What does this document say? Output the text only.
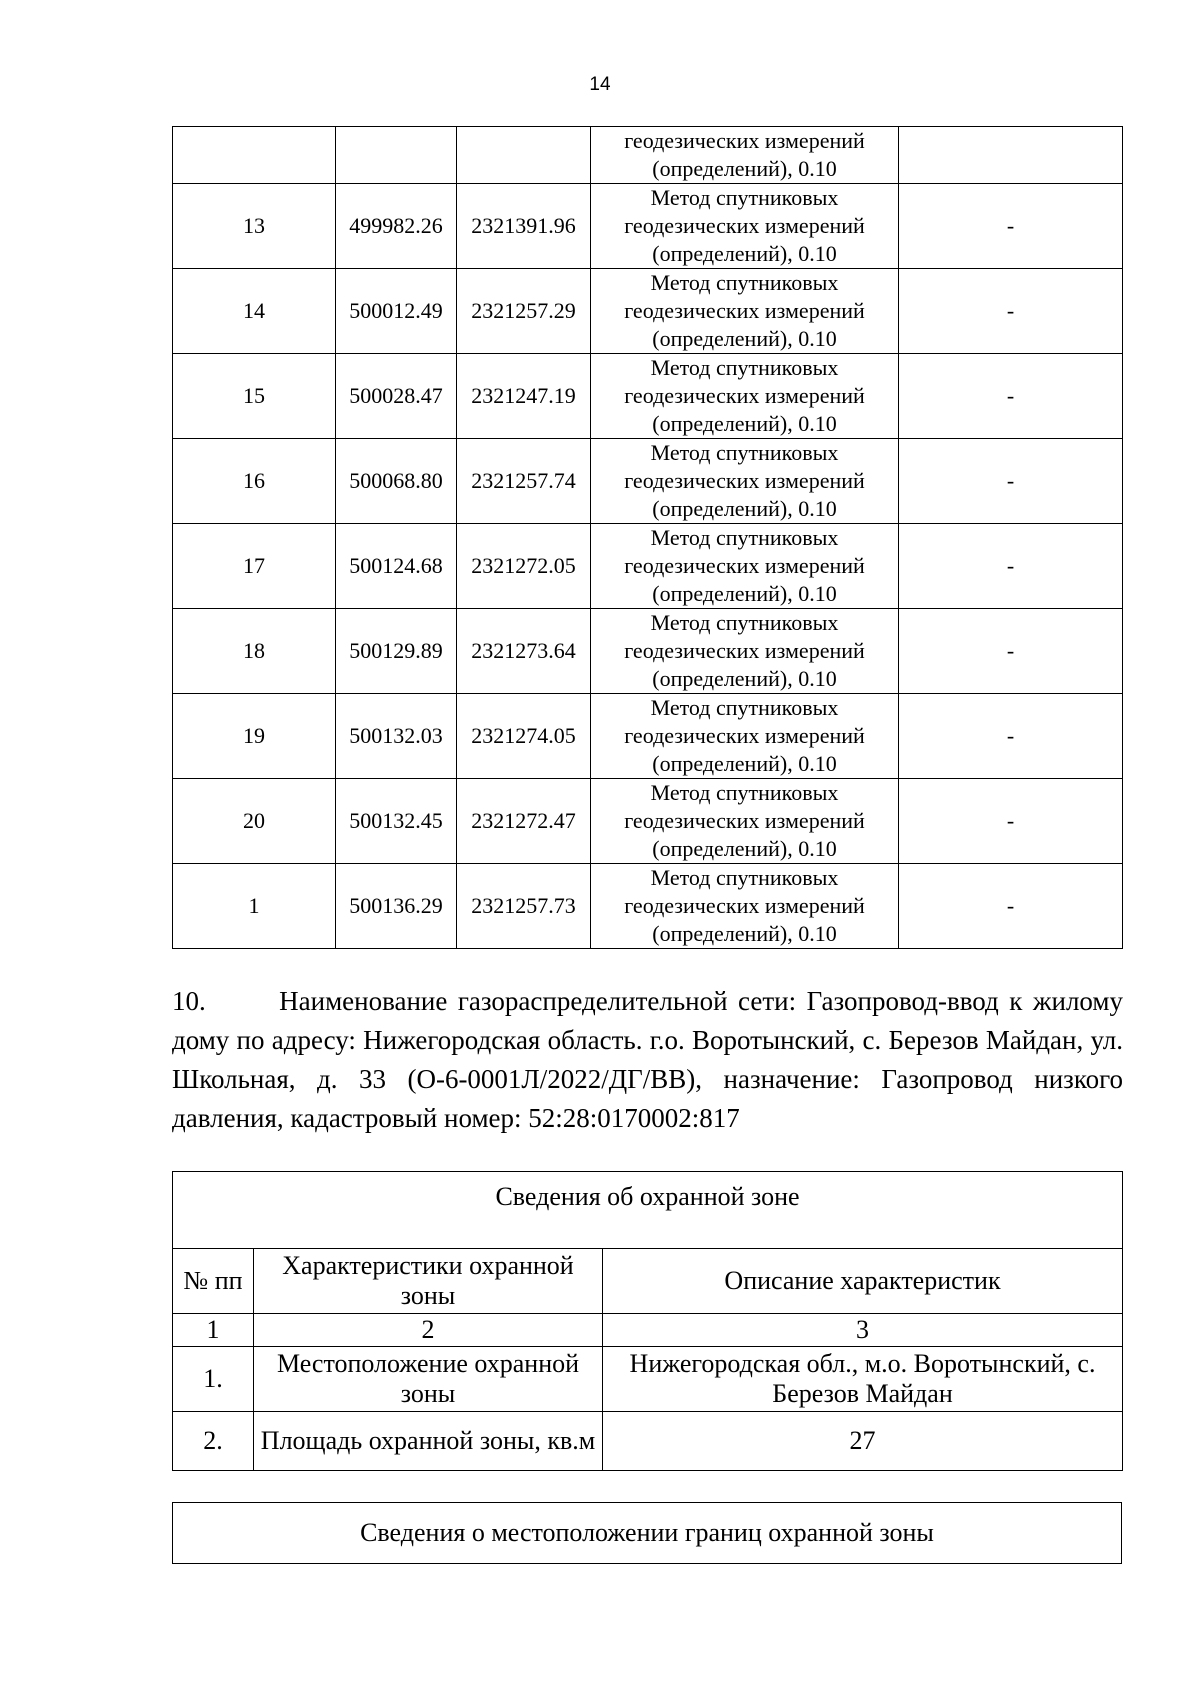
14
			геодезических измерений (определений), 0.10	
13	499982.26	2321391.96	Метод спутниковых геодезических измерений (определений), 0.10	-
14	500012.49	2321257.29	Метод спутниковых геодезических измерений (определений), 0.10	-
15	500028.47	2321247.19	Метод спутниковых геодезических измерений (определений), 0.10	-
16	500068.80	2321257.74	Метод спутниковых геодезических измерений (определений), 0.10	-
17	500124.68	2321272.05	Метод спутниковых геодезических измерений (определений), 0.10	-
18	500129.89	2321273.64	Метод спутниковых геодезических измерений (определений), 0.10	-
19	500132.03	2321274.05	Метод спутниковых геодезических измерений (определений), 0.10	-
20	500132.45	2321272.47	Метод спутниковых геодезических измерений (определений), 0.10	-
1	500136.29	2321257.73	Метод спутниковых геодезических измерений (определений), 0.10	-

10.       Наименование газораспределительной сети: Газопровод-ввод к жилому дому по адресу: Нижегородская область. г.о. Воротынский, с. Березов Майдан, ул. Школьная, д. 33 (О-6-0001Л/2022/ДГ/ВВ), назначение: Газопровод низкого давления, кадастровый номер: 52:28:0170002:817

Сведения об охранной зоне		
№ пп	Характеристики охранной зоны	Описание характеристик
1	2	3
1.	Местоположение охранной зоны	Нижегородская обл., м.о. Воротынский, с. Березов Майдан
2.	Площадь охранной зоны, кв.м	27
Сведения о местоположении границ охранной зоны
